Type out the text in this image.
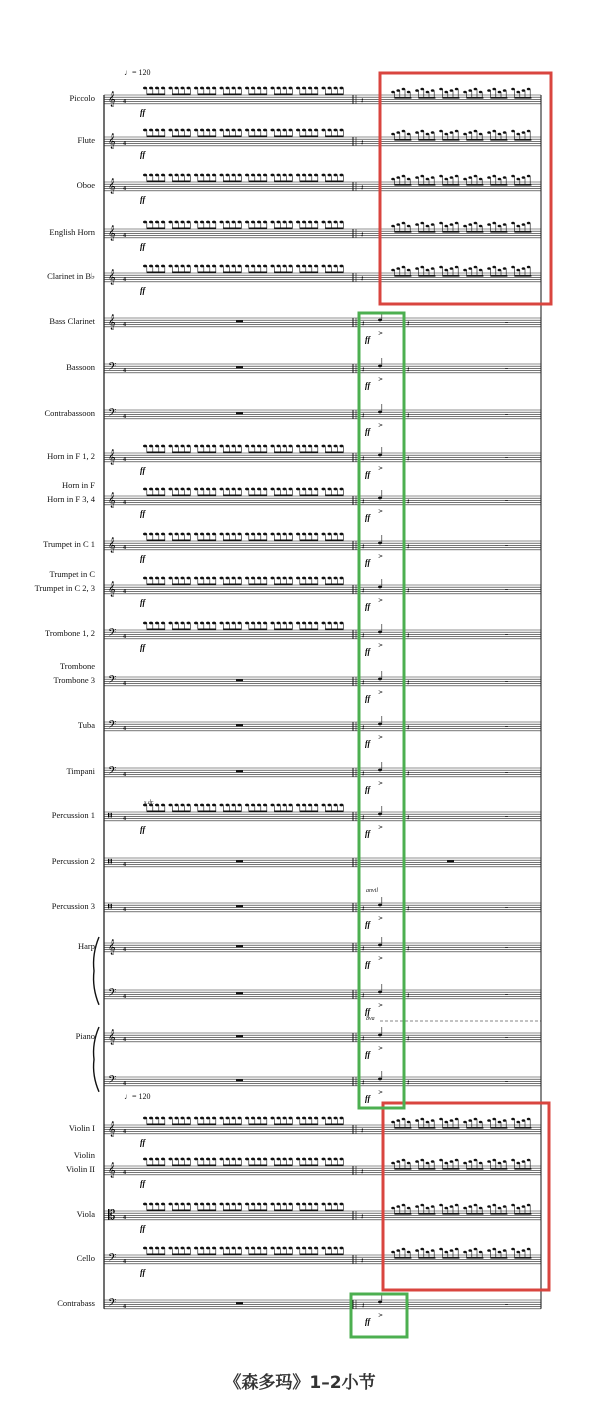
𝄞 4
ff
𝄽
𝄞 4
ff
𝄽
𝄞 4
ff
𝄽
𝄞 4
ff
𝄽
𝄞 4
ff
𝄽
𝄞 4	𝄽
>
ff
𝄽	𝄼
𝄢 4	𝄽
>
ff
𝄽	𝄼
𝄢 4	𝄽
>
ff
𝄽	𝄼
𝄞 4
ff
𝄽
>
ff
𝄽	𝄼
𝄞 4
ff
𝄽
>
ff
𝄽	𝄼
𝄞 4
ff
𝄽
>
ff
𝄽	𝄼
𝄞 4
ff
𝄽
>
ff
𝄽	𝄼
𝄢 4
ff
𝄽
>
ff
𝄽	𝄼
𝄢 4	𝄽
>
ff
𝄽	𝄼
𝄢 4	𝄽
>
ff
𝄽	𝄼
𝄢 4	𝄽
>
ff
𝄽	𝄼
𝄥 4
ff
𝄽
>
ff
𝄽	𝄼
𝄥 4
𝄥 4	𝄽
>
ff
𝄽	𝄼
𝄞 4	𝄽
>
ff
𝄽	𝄼
𝄢 4	𝄽
>
ff
𝄽	𝄼
𝄞 4	𝄽
>
ff
𝄽	𝄼
𝄢 4	𝄽
>
ff
𝄽	𝄼
𝄞 4
ff
𝄽
𝄞 4
ff
𝄽
𝄡 4
ff
𝄽
𝄢 4
ff
𝄽
𝄢 4	𝄽
>
ff
𝄽	𝄼
Piccolo
Flute
Oboe
English Horn
Clarinet in B♭
Bass Clarinet
Bassoon
Contrabassoon
Horn in F 1, 2
Horn in F 3, 4
Horn in F
Trumpet in C 1
Trumpet in C 2, 3
Trumpet in C
Trombone 1, 2
Trombone 3
Trombone
Tuba
Timpani
Percussion 1
Percussion 2
Percussion 3
Harp
Piano
Violin I
Violin II
Violin
Viola
Cello
Contrabass
♩= 120
♩= 120
s.dr.
anvil
8va
《森多玛》1–2小节
